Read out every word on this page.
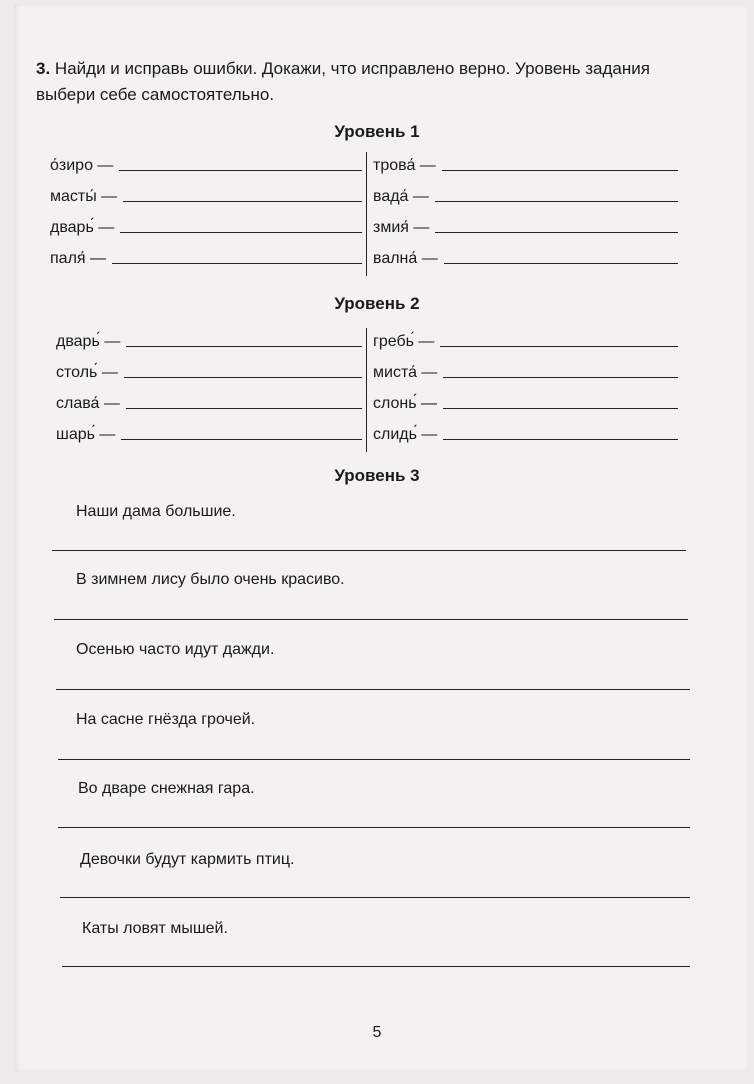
3. Найди и исправь ошибки. Докажи, что исправлено верно. Уровень задания выбери себе самостоятельно.
Уровень 1
о́зиро —
масты́ —
дварь́ —
паля́ —
трова́ —
вада́ —
змия́ —
вална́ —
Уровень 2
дварь́ —
столь́ —
слава́ —
шарь́ —
гребь́ —
миста́ —
слонь́ —
слидь́ —
Уровень 3
Наши дама большие.
В зимнем лису было очень красиво.
Осенью часто идут дажди.
На сасне гнёзда грочей.
Во дваре снежная гара.
Девочки будут кармить птиц.
Каты ловят мышей.
5
